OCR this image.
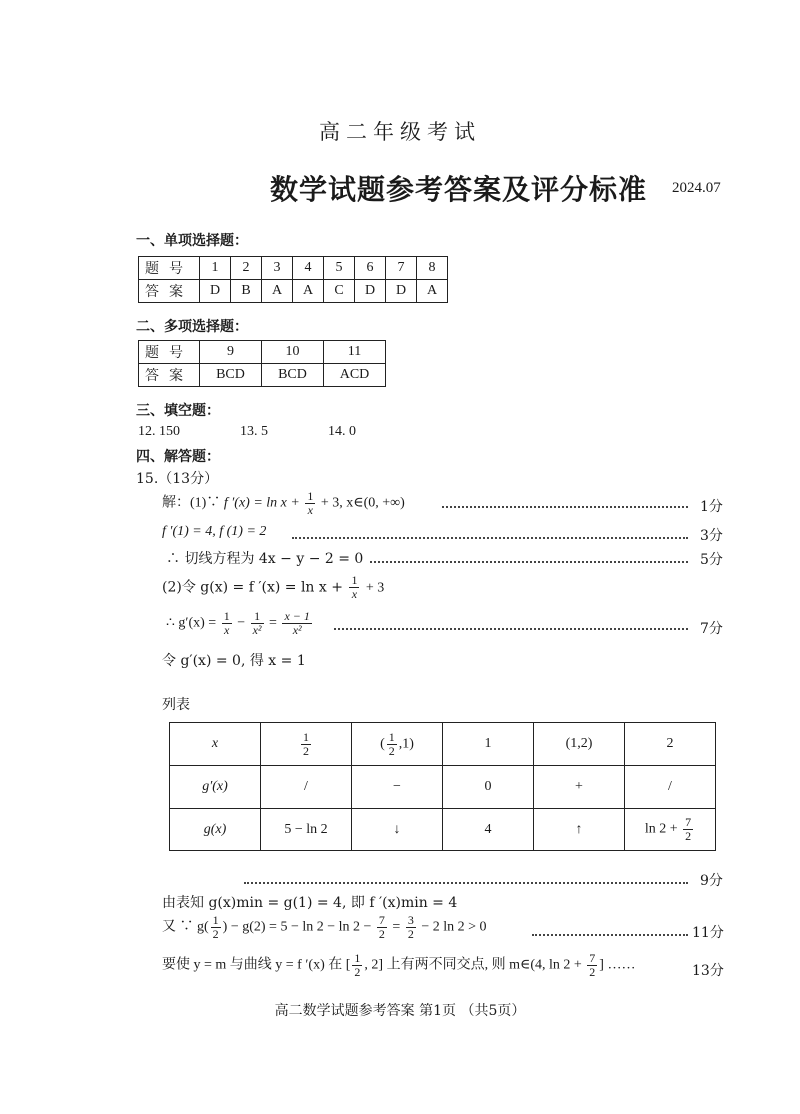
高二年级考试
数学试题参考答案及评分标准 2024.07
一、单项选择题：
题号	1	2	3	4	5	6	7	8
答案	D	B	A	A	C	D	D	A
二、多项选择题：
题号	9	10	11
答案	BCD	BCD	ACD
三、填空题：
12. 150	13. 5	14. 0
四、解答题：
15.（13分）
解：(1)∵ f $'(x) = \ln x + \frac{1}{x} + 3$, x∈(0, +∞)	1分
f ′(1) = 4, f (1) = 2	3分
∴ 切线方程为 4x − y − 2 = 0	5分
(2)令 g(x) = f $'(x) = \ln x + \frac{1}{x} + 3$
∴ $g'(x) = \frac{1}{x} - \frac{1}{\text{x²}} = \frac{x - 1}{\text{x²}}$	7分
令 g′(x) = 0, 得 x = 1
列表
x	$\frac{1}{2}$	( $\frac{1}{2} ,1$)	1	(1,2)	2
g′(x)	/	−	0	+	/
g(x)	5 − ln 2	↓	4	↑	$\ln 2 + \frac{7}{2}$
9分
由表知 g(x)min = g(1) = 4, 即 f ′(x)min = 4
又 ∵ $g( \frac{1}{2}$ ) − $g(2) = 5 - \ln 2 - \ln 2 - \frac{7}{2} = \frac{3}{2} - 2$ ln 2 > 0	11分
要使 y = m 与曲线 y = f ′(x) 在 [ $\frac{1}{2}$ , 2] 上有两不同交点, 则 m∈(4, $\ln 2 + \frac{7}{2}$ ] ……	13分
高二数学试题参考答案 第1页 （共5页）
